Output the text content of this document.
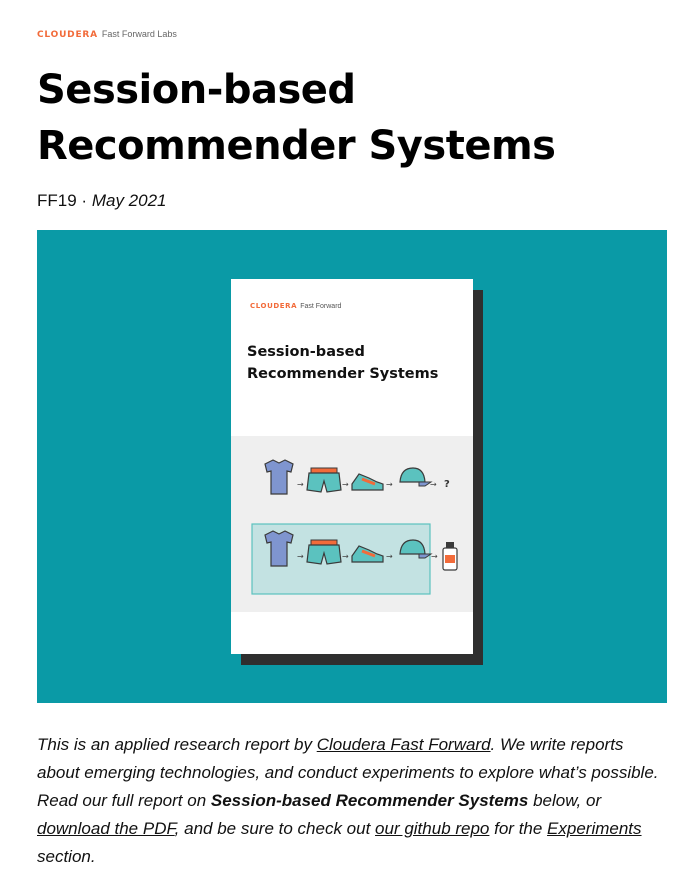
CLOUDERA Fast Forward Labs
Session-based Recommender Systems
FF19 · May 2021
CLOUDERA Fast Forward
Session-based
Recommender Systems
→	→	→	→ ?
→	→	→	→

This is an applied research report by Cloudera Fast Forward. We write reports about emerging technologies, and conduct experiments to explore what’s possible. Read our full report on Session-based Recommender Systems below, or download the PDF, and be sure to check out our github repo for the Experiments section.
